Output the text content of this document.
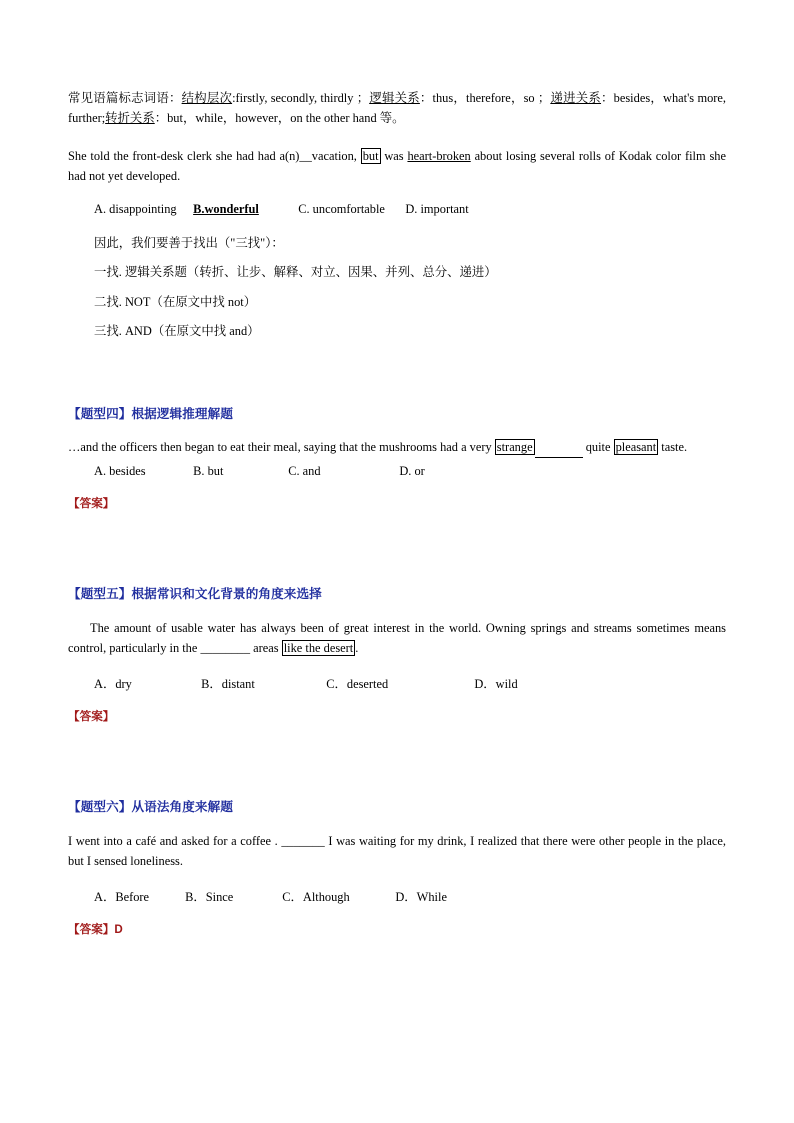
常见语篇标志词语：结构层次:firstly, secondly, thirdly ；逻辑关系：thus，therefore，so ；递进关系：besides，what's more, further;转折关系：but，while，however，on the other hand 等。
She told the front-desk clerk she had had a(n)__vacation, but was heart-broken about losing several rolls of Kodak color film she had not yet developed.
A. disappointing B.wonderful	C. uncomfortable D. important
因此，我们要善于找出（"三找"）：
一找. 逻辑关系题（转折、让步、解释、对立、因果、并列、总分、递进）
二找. NOT（在原文中找 not）
三找. AND（在原文中找 and）
【题型四】根据逻辑推理解题
…and the officers then began to eat their meal, saying that the mushrooms had a very strange	quite pleasant taste.
A. besides	B. but	C. and	D. or
【答案】
【题型五】根据常识和文化背景的角度来选择
The amount of usable water has always been of great interest in the world. Owning springs and streams sometimes means control, particularly in the ________ areas like the desert .
A．dry	B．distant	C．deserted	D．wild
【答案】
【题型六】从语法角度来解题
I went into a café and asked for a coffee . _______ I was waiting for my drink, I realized that there were other people in the place, but I sensed loneliness.
A．Before	B．Since	C．Although	D．While
【答案】D
